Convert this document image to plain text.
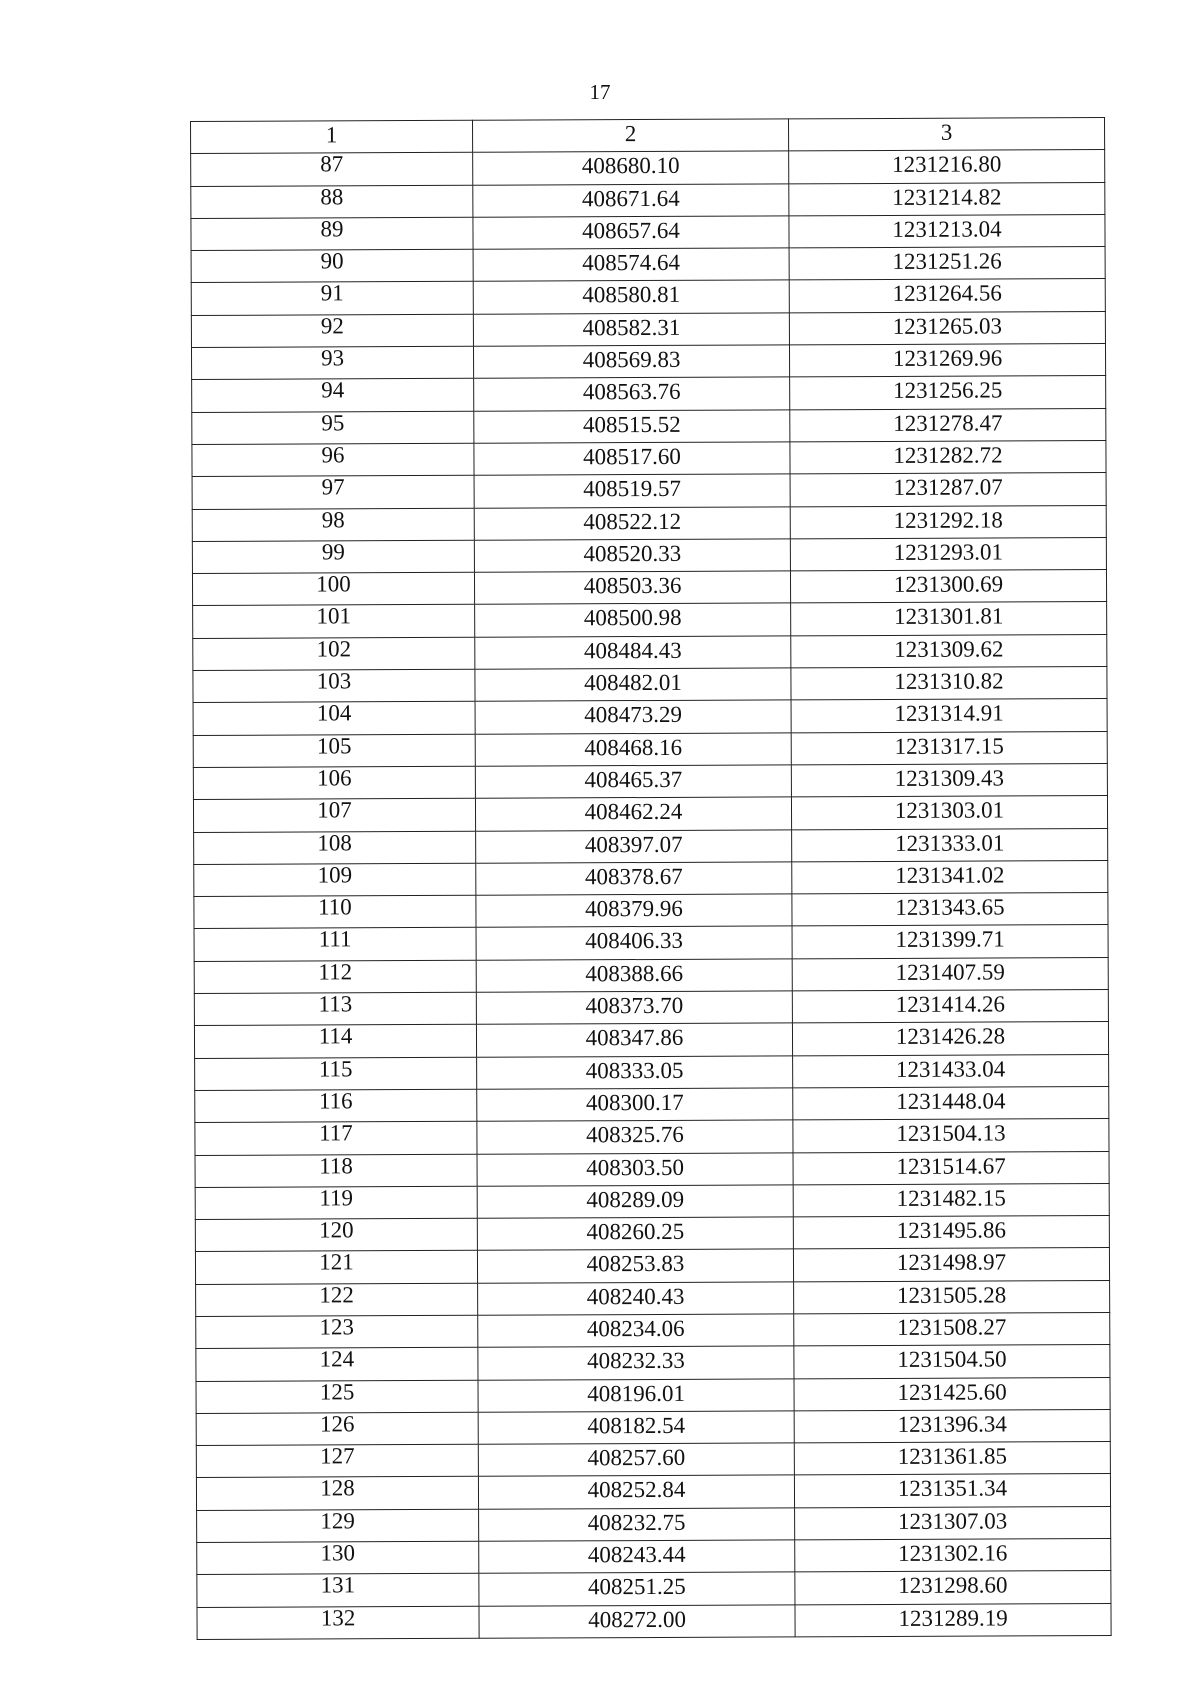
17
1	2	3
87	408680.10	1231216.80
88	408671.64	1231214.82
89	408657.64	1231213.04
90	408574.64	1231251.26
91	408580.81	1231264.56
92	408582.31	1231265.03
93	408569.83	1231269.96
94	408563.76	1231256.25
95	408515.52	1231278.47
96	408517.60	1231282.72
97	408519.57	1231287.07
98	408522.12	1231292.18
99	408520.33	1231293.01
100	408503.36	1231300.69
101	408500.98	1231301.81
102	408484.43	1231309.62
103	408482.01	1231310.82
104	408473.29	1231314.91
105	408468.16	1231317.15
106	408465.37	1231309.43
107	408462.24	1231303.01
108	408397.07	1231333.01
109	408378.67	1231341.02
110	408379.96	1231343.65
111	408406.33	1231399.71
112	408388.66	1231407.59
113	408373.70	1231414.26
114	408347.86	1231426.28
115	408333.05	1231433.04
116	408300.17	1231448.04
117	408325.76	1231504.13
118	408303.50	1231514.67
119	408289.09	1231482.15
120	408260.25	1231495.86
121	408253.83	1231498.97
122	408240.43	1231505.28
123	408234.06	1231508.27
124	408232.33	1231504.50
125	408196.01	1231425.60
126	408182.54	1231396.34
127	408257.60	1231361.85
128	408252.84	1231351.34
129	408232.75	1231307.03
130	408243.44	1231302.16
131	408251.25	1231298.60
132	408272.00	1231289.19
